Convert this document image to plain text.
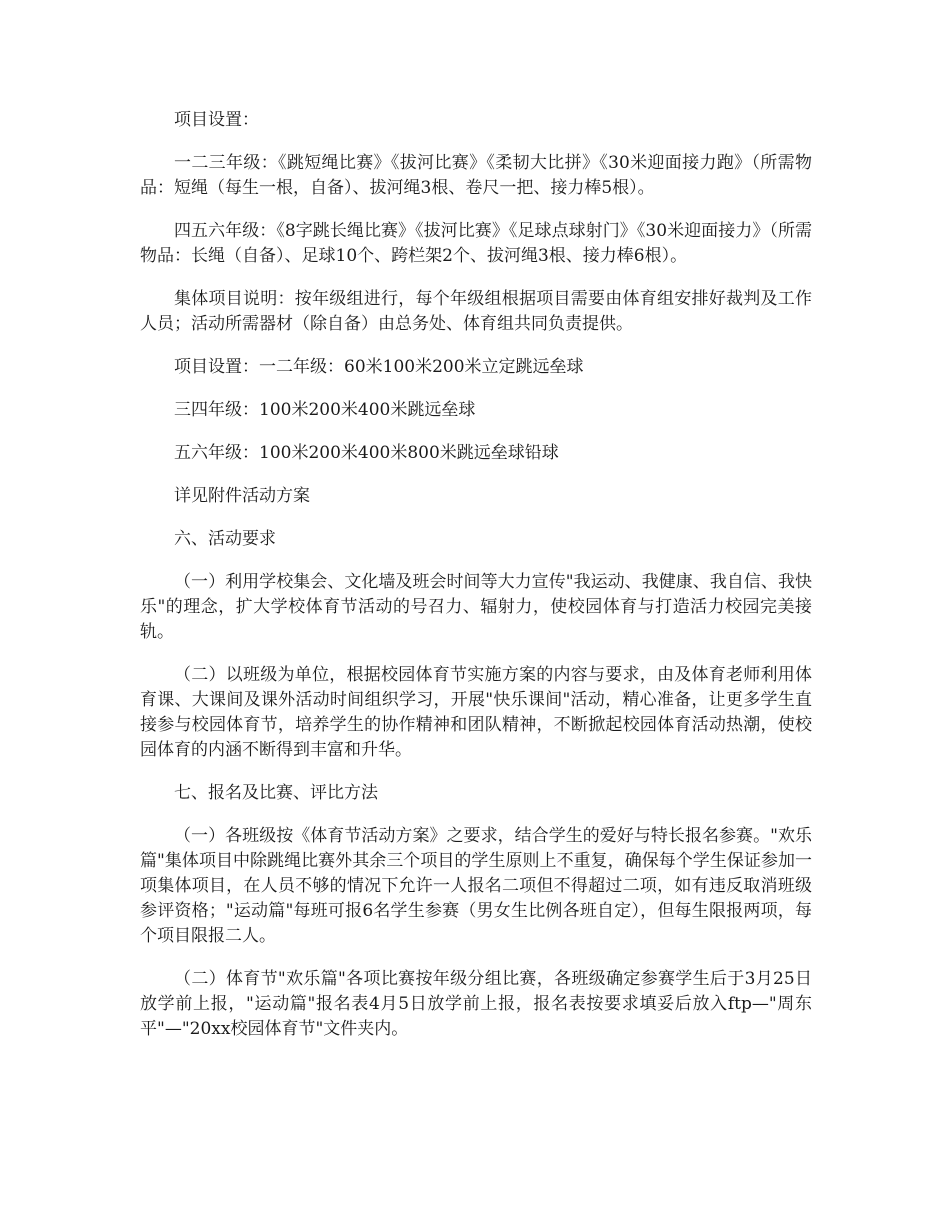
项目设置：

一二三年级：《跳短绳比赛》《拔河比赛》《柔韧大比拼》《30米迎面接力跑》（所需物品：短绳（每生一根，自备）、拔河绳3根、卷尺一把、接力棒5根）。

四五六年级：《8字跳长绳比赛》《拔河比赛》《足球点球射门》《30米迎面接力》（所需物品：长绳（自备）、足球10个、跨栏架2个、拔河绳3根、接力棒6根）。

集体项目说明：按年级组进行，每个年级组根据项目需要由体育组安排好裁判及工作人员；活动所需器材（除自备）由总务处、体育组共同负责提供。

项目设置：一二年级：60米100米200米立定跳远垒球

三四年级：100米200米400米跳远垒球

五六年级：100米200米400米800米跳远垒球铅球

详见附件活动方案

六、活动要求

（一）利用学校集会、文化墙及班会时间等大力宣传"我运动、我健康、我自信、我快乐"的理念，扩大学校体育节活动的号召力、辐射力，使校园体育与打造活力校园完美接轨。

（二）以班级为单位，根据校园体育节实施方案的内容与要求，由及体育老师利用体育课、大课间及课外活动时间组织学习，开展"快乐课间"活动，精心准备，让更多学生直接参与校园体育节，培养学生的协作精神和团队精神，不断掀起校园体育活动热潮，使校园体育的内涵不断得到丰富和升华。

七、报名及比赛、评比方法

（一）各班级按《体育节活动方案》之要求，结合学生的爱好与特长报名参赛。"欢乐篇"集体项目中除跳绳比赛外其余三个项目的学生原则上不重复，确保每个学生保证参加一项集体项目，在人员不够的情况下允许一人报名二项但不得超过二项，如有违反取消班级参评资格；"运动篇"每班可报6名学生参赛（男女生比例各班自定），但每生限报两项，每个项目限报二人。

（二）体育节"欢乐篇"各项比赛按年级分组比赛，各班级确定参赛学生后于3月25日放学前上报，"运动篇"报名表4月5日放学前上报，报名表按要求填妥后放入ftp—"周东平"—"20xx校园体育节"文件夹内。
